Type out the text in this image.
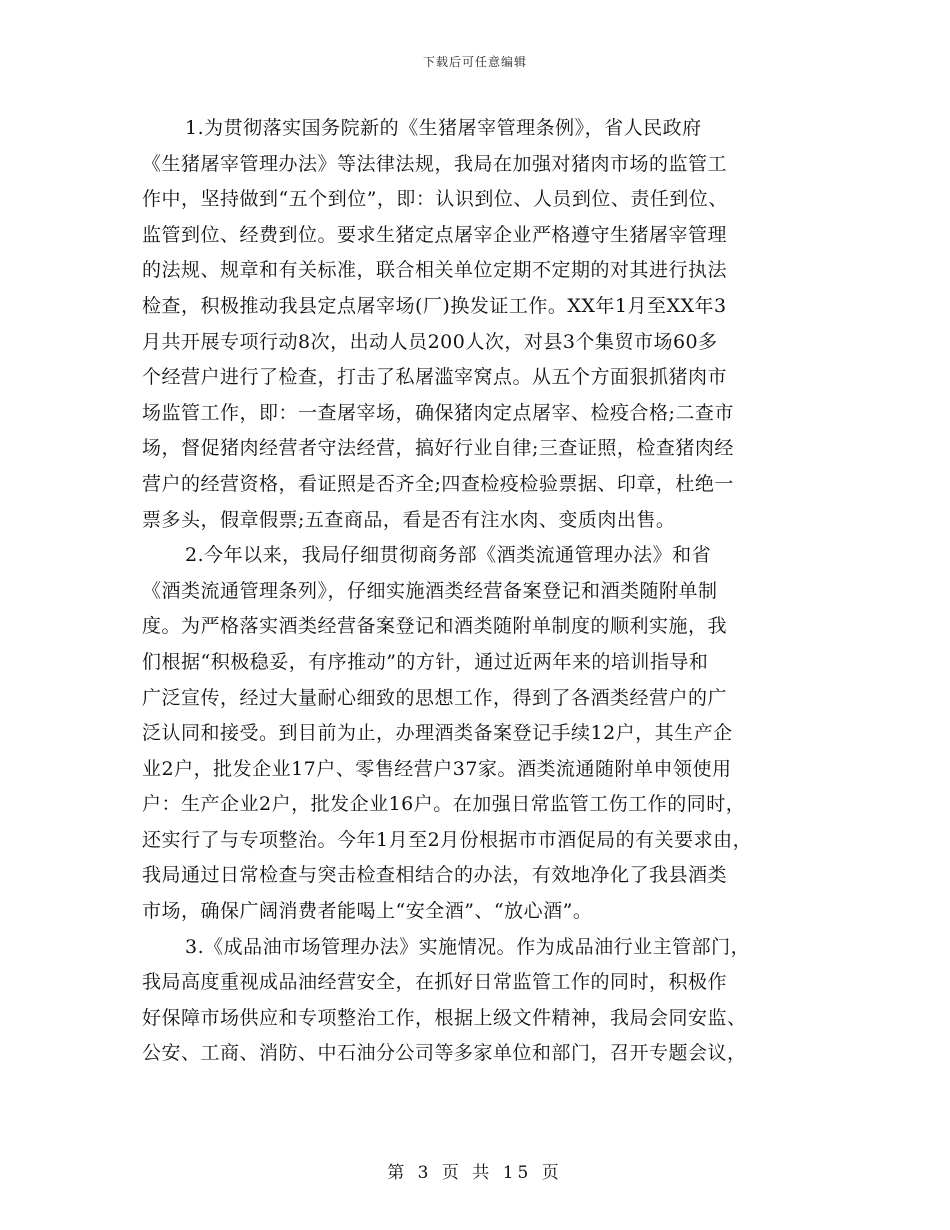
下载后可任意编辑
1.为贯彻落实国务院新的《生猪屠宰管理条例》，省人民政府
《生猪屠宰管理办法》等法律法规，我局在加强对猪肉市场的监管工
作中，坚持做到“五个到位”，即：认识到位、人员到位、责任到位、
监管到位、经费到位。要求生猪定点屠宰企业严格遵守生猪屠宰管理
的法规、规章和有关标准，联合相关单位定期不定期的对其进行执法
检查，积极推动我县定点屠宰场(厂)换发证工作。XX年1月至XX年3
月共开展专项行动8次，出动人员200人次，对县3个集贸市场60多
个经营户进行了检查，打击了私屠滥宰窝点。从五个方面狠抓猪肉市
场监管工作，即：一查屠宰场，确保猪肉定点屠宰、检疫合格;二查市
场，督促猪肉经营者守法经营，搞好行业自律;三查证照，检查猪肉经
营户的经营资格，看证照是否齐全;四查检疫检验票据、印章，杜绝一
票多头，假章假票;五查商品，看是否有注水肉、变质肉出售。
2.今年以来，我局仔细贯彻商务部《酒类流通管理办法》和省
《酒类流通管理条列》，仔细实施酒类经营备案登记和酒类随附单制
度。为严格落实酒类经营备案登记和酒类随附单制度的顺利实施，我
们根据“积极稳妥，有序推动”的方针，通过近两年来的培训指导和
广泛宣传，经过大量耐心细致的思想工作，得到了各酒类经营户的广
泛认同和接受。到目前为止，办理酒类备案登记手续12户，其生产企
业2户，批发企业17户、零售经营户37家。酒类流通随附单申领使用
户：生产企业2户，批发企业16户。在加强日常监管工伤工作的同时，
还实行了与专项整治。今年1月至2月份根据市市酒促局的有关要求由，
我局通过日常检查与突击检查相结合的办法，有效地净化了我县酒类
市场，确保广阔消费者能喝上“安全酒”、“放心酒”。
3.《成品油市场管理办法》实施情况。作为成品油行业主管部门，
我局高度重视成品油经营安全，在抓好日常监管工作的同时，积极作
好保障市场供应和专项整治工作，根据上级文件精神，我局会同安监、
公安、工商、消防、中石油分公司等多家单位和部门，召开专题会议，
第 3 页 共 15 页
